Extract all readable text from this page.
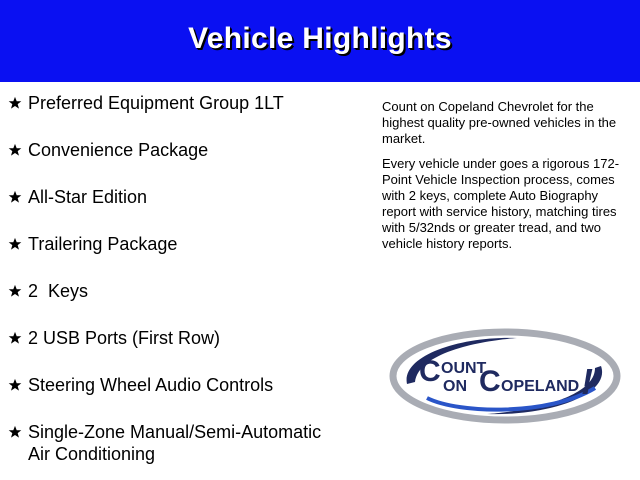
Vehicle Highlights
Preferred Equipment Group 1LT
Convenience Package
All-Star Edition
Trailering Package
2  Keys
2 USB Ports (First Row)
Steering Wheel Audio Controls
Single-Zone Manual/Semi-Automatic Air Conditioning

Count on Copeland Chevrolet for the highest quality pre-owned vehicles in the market.

Every vehicle under goes a rigorous 172-Point Vehicle Inspection process, comes with 2 keys, complete Auto Biography report with service history, matching tires with 5/32nds or greater tread, and two vehicle history reports.

C OUNT
ON C OPELAND !
